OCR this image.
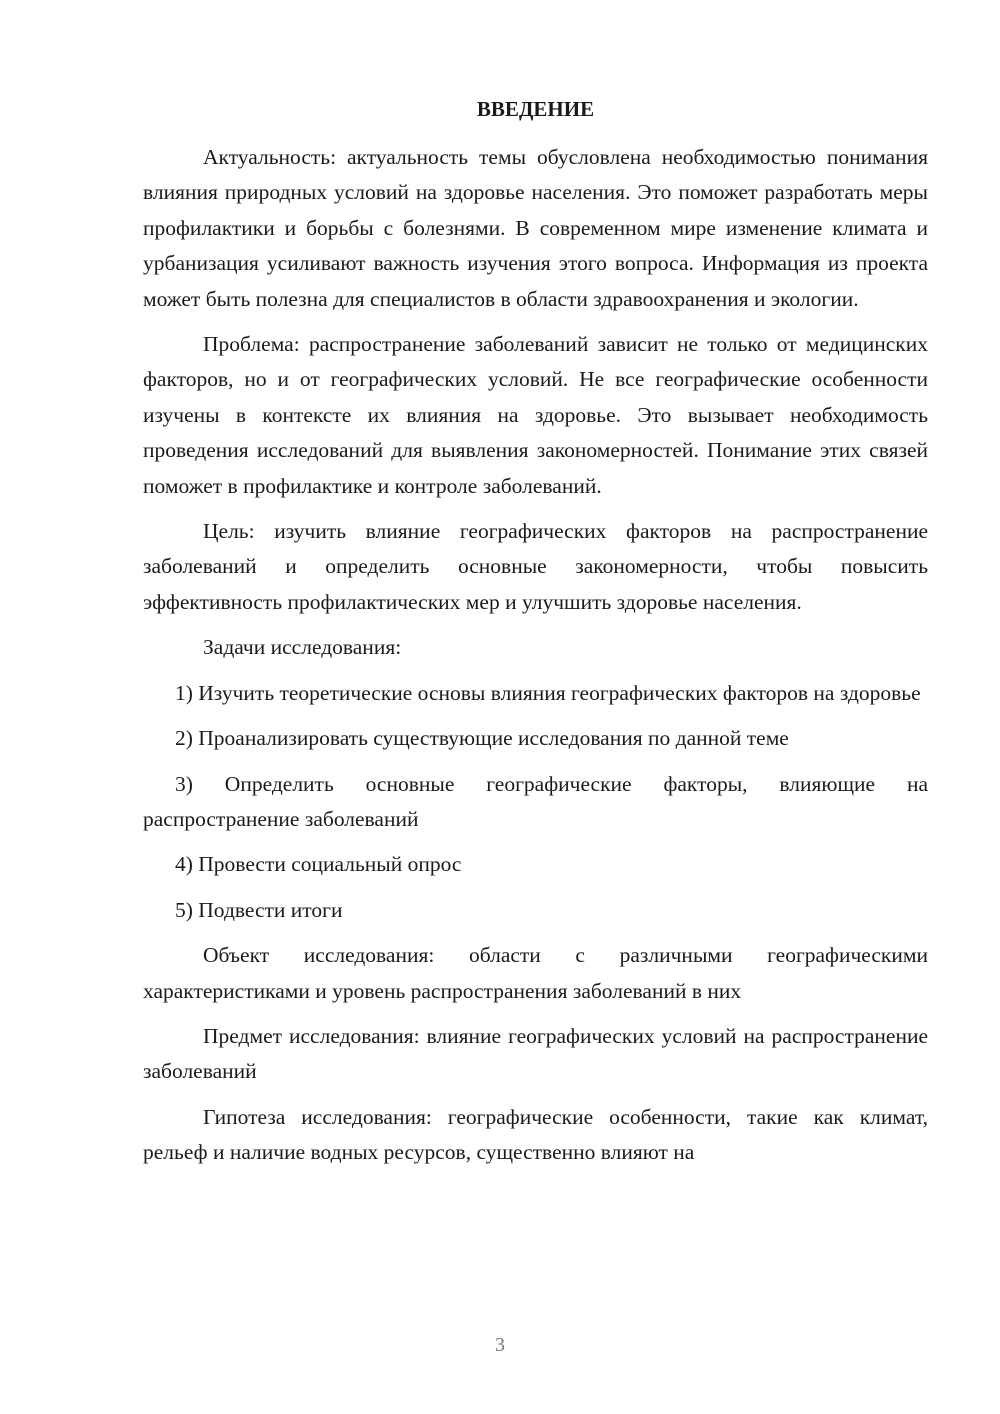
ВВЕДЕНИЕ

Актуальность: актуальность темы обусловлена необходимостью понимания влияния природных условий на здоровье населения. Это поможет разработать меры профилактики и борьбы с болезнями. В современном мире изменение климата и урбанизация усиливают важность изучения этого вопроса. Информация из проекта может быть полезна для специалистов в области здравоохранения и экологии.

Проблема: распространение заболеваний зависит не только от медицинских факторов, но и от географических условий. Не все географические особенности изучены в контексте их влияния на здоровье. Это вызывает необходимость проведения исследований для выявления закономерностей. Понимание этих связей поможет в профилактике и контроле заболеваний.

Цель: изучить влияние географических факторов на распространение заболеваний и определить основные закономерности, чтобы повысить эффективность профилактических мер и улучшить здоровье населения.

Задачи исследования:

1) Изучить теоретические основы влияния географических факторов на здоровье

2) Проанализировать существующие исследования по данной теме

3) Определить основные географические факторы, влияющие на распространение заболеваний

4) Провести социальный опрос

5) Подвести итоги

Объект исследования: области с различными географическими характеристиками и уровень распространения заболеваний в них

Предмет исследования: влияние географических условий на распространение заболеваний

Гипотеза исследования: географические особенности, такие как климат, рельеф и наличие водных ресурсов, существенно влияют на

3
